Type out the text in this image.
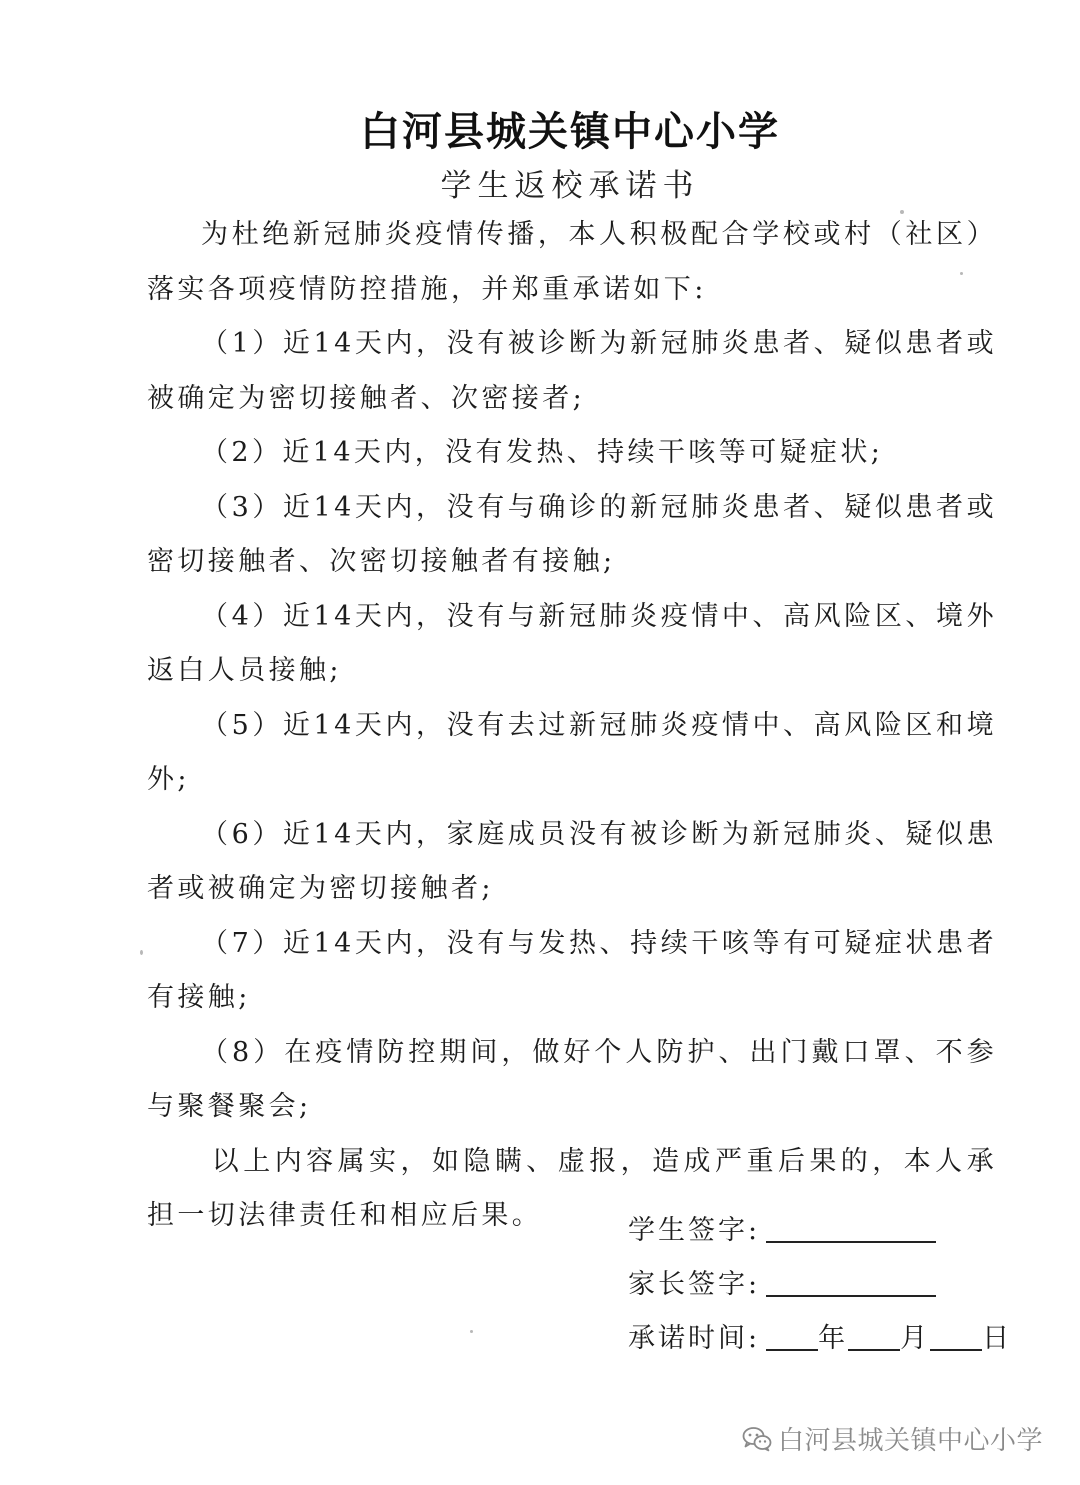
白河县城关镇中心小学
学生返校承诺书

为杜绝新冠肺炎疫情传播，本人积极配合学校或村（社区）落实各项疫情防控措施，并郑重承诺如下:

（1）近14天内，没有被诊断为新冠肺炎患者、疑似患者或被确定为密切接触者、次密接者;

（2）近14天内，没有发热、持续干咳等可疑症状;

（3）近14天内，没有与确诊的新冠肺炎患者、疑似患者或密切接触者、次密切接触者有接触;

（4）近14天内，没有与新冠肺炎疫情中、高风险区、境外返白人员接触;

（5）近14天内，没有去过新冠肺炎疫情中、高风险区和境外;

（6）近14天内，家庭成员没有被诊断为新冠肺炎、疑似患者或被确定为密切接触者;

（7）近14天内，没有与发热、持续干咳等有可疑症状患者有接触;

（8）在疫情防控期间，做好个人防护、出门戴口罩、不参与聚餐聚会;

以上内容属实，如隐瞒、虚报，造成严重后果的，本人承担一切法律责任和相应后果。	学生签字:
家长签字:
承诺时间: 年 月 日
白河县城关镇中心小学
